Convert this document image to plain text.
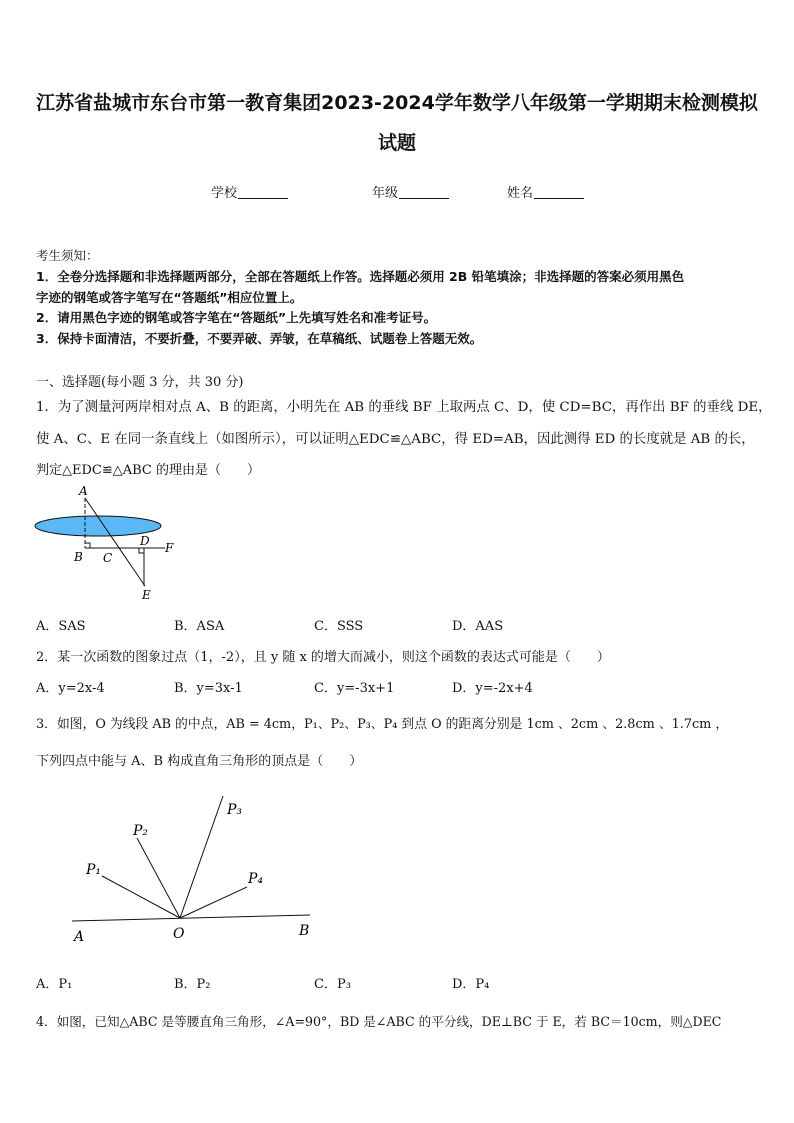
江苏省盐城市东台市第一教育集团2023-2024学年数学八年级第一学期期末检测模拟
试题
学校	年级	姓名
考生须知：
1．全卷分选择题和非选择题两部分，全部在答题纸上作答。选择题必须用 2B 铅笔填涂；非选择题的答案必须用黑色
字迹的钢笔或答字笔写在“答题纸”相应位置上。
2．请用黑色字迹的钢笔或答字笔在“答题纸”上先填写姓名和准考证号。
3．保持卡面清洁，不要折叠，不要弄破、弄皱，在草稿纸、试题卷上答题无效。
一、选择题(每小题 3 分，共 30 分)
1．为了测量河两岸相对点 A、B 的距离，小明先在 AB 的垂线 BF 上取两点 C、D，使 CD=BC，再作出 BF 的垂线 DE，
使 A、C、E 在同一条直线上（如图所示），可以证明△EDC≌△ABC，得 ED=AB，因此测得 ED 的长度就是 AB 的长，
判定△EDC≌△ABC 的理由是（　　）
A
B C
D F
E
A．SAS	B．ASA	C．SSS	D．AAS
2．某一次函数的图象过点（1，-2），且 y 随 x 的增大而减小，则这个函数的表达式可能是（　　）
A．y=2x-4	B．y=3x-1	C．y=-3x+1	D．y=-2x+4
3．如图，O 为线段 AB 的中点，AB = 4cm，P₁、P₂、P₃、P₄ 到点 O 的距离分别是 1cm 、2cm 、2.8cm 、1.7cm ，
下列四点中能与 A、B 构成直角三角形的顶点是（　　）
P₁
P₂
P₃
P₄
A	O	B
A．P₁	B．P₂	C．P₃	D．P₄
4．如图，已知△ABC 是等腰直角三角形，∠A=90°，BD 是∠ABC 的平分线，DE⊥BC 于 E，若 BC＝10cm，则△DEC
